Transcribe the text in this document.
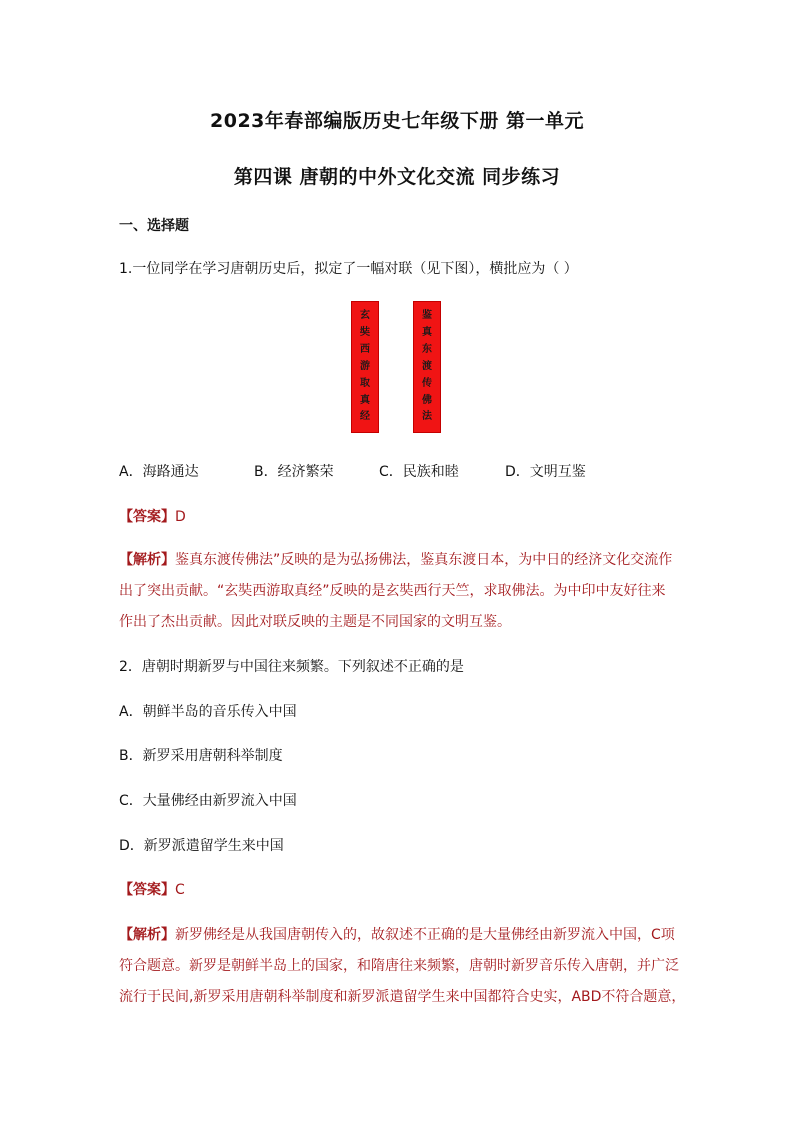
2023年春部编版历史七年级下册 第一单元
第四课 唐朝的中外文化交流 同步练习
一、选择题
1.一位同学在学习唐朝历史后，拟定了一幅对联（见下图），横批应为（ ）
玄
奘
西
游
取
真
经
鉴
真
东
渡
传
佛
法
A．海路通达	B．经济繁荣	C．民族和睦	D．文明互鉴
【答案】D
【解析】鉴真东渡传佛法”反映的是为弘扬佛法，鉴真东渡日本，为中日的经济文化交流作
出了突出贡献。“玄奘西游取真经”反映的是玄奘西行天竺，求取佛法。为中印中友好往来
作出了杰出贡献。因此对联反映的主题是不同国家的文明互鉴。
2．唐朝时期新罗与中国往来频繁。下列叙述不正确的是
A．朝鲜半岛的音乐传入中国
B．新罗采用唐朝科举制度
C．大量佛经由新罗流入中国
D．新罗派遣留学生来中国
【答案】C
【解析】新罗佛经是从我国唐朝传入的，故叙述不正确的是大量佛经由新罗流入中国，C项
符合题意。新罗是朝鲜半岛上的国家，和隋唐往来频繁，唐朝时新罗音乐传入唐朝，并广泛
流行于民间,新罗采用唐朝科举制度和新罗派遣留学生来中国都符合史实，ABD不符合题意，
